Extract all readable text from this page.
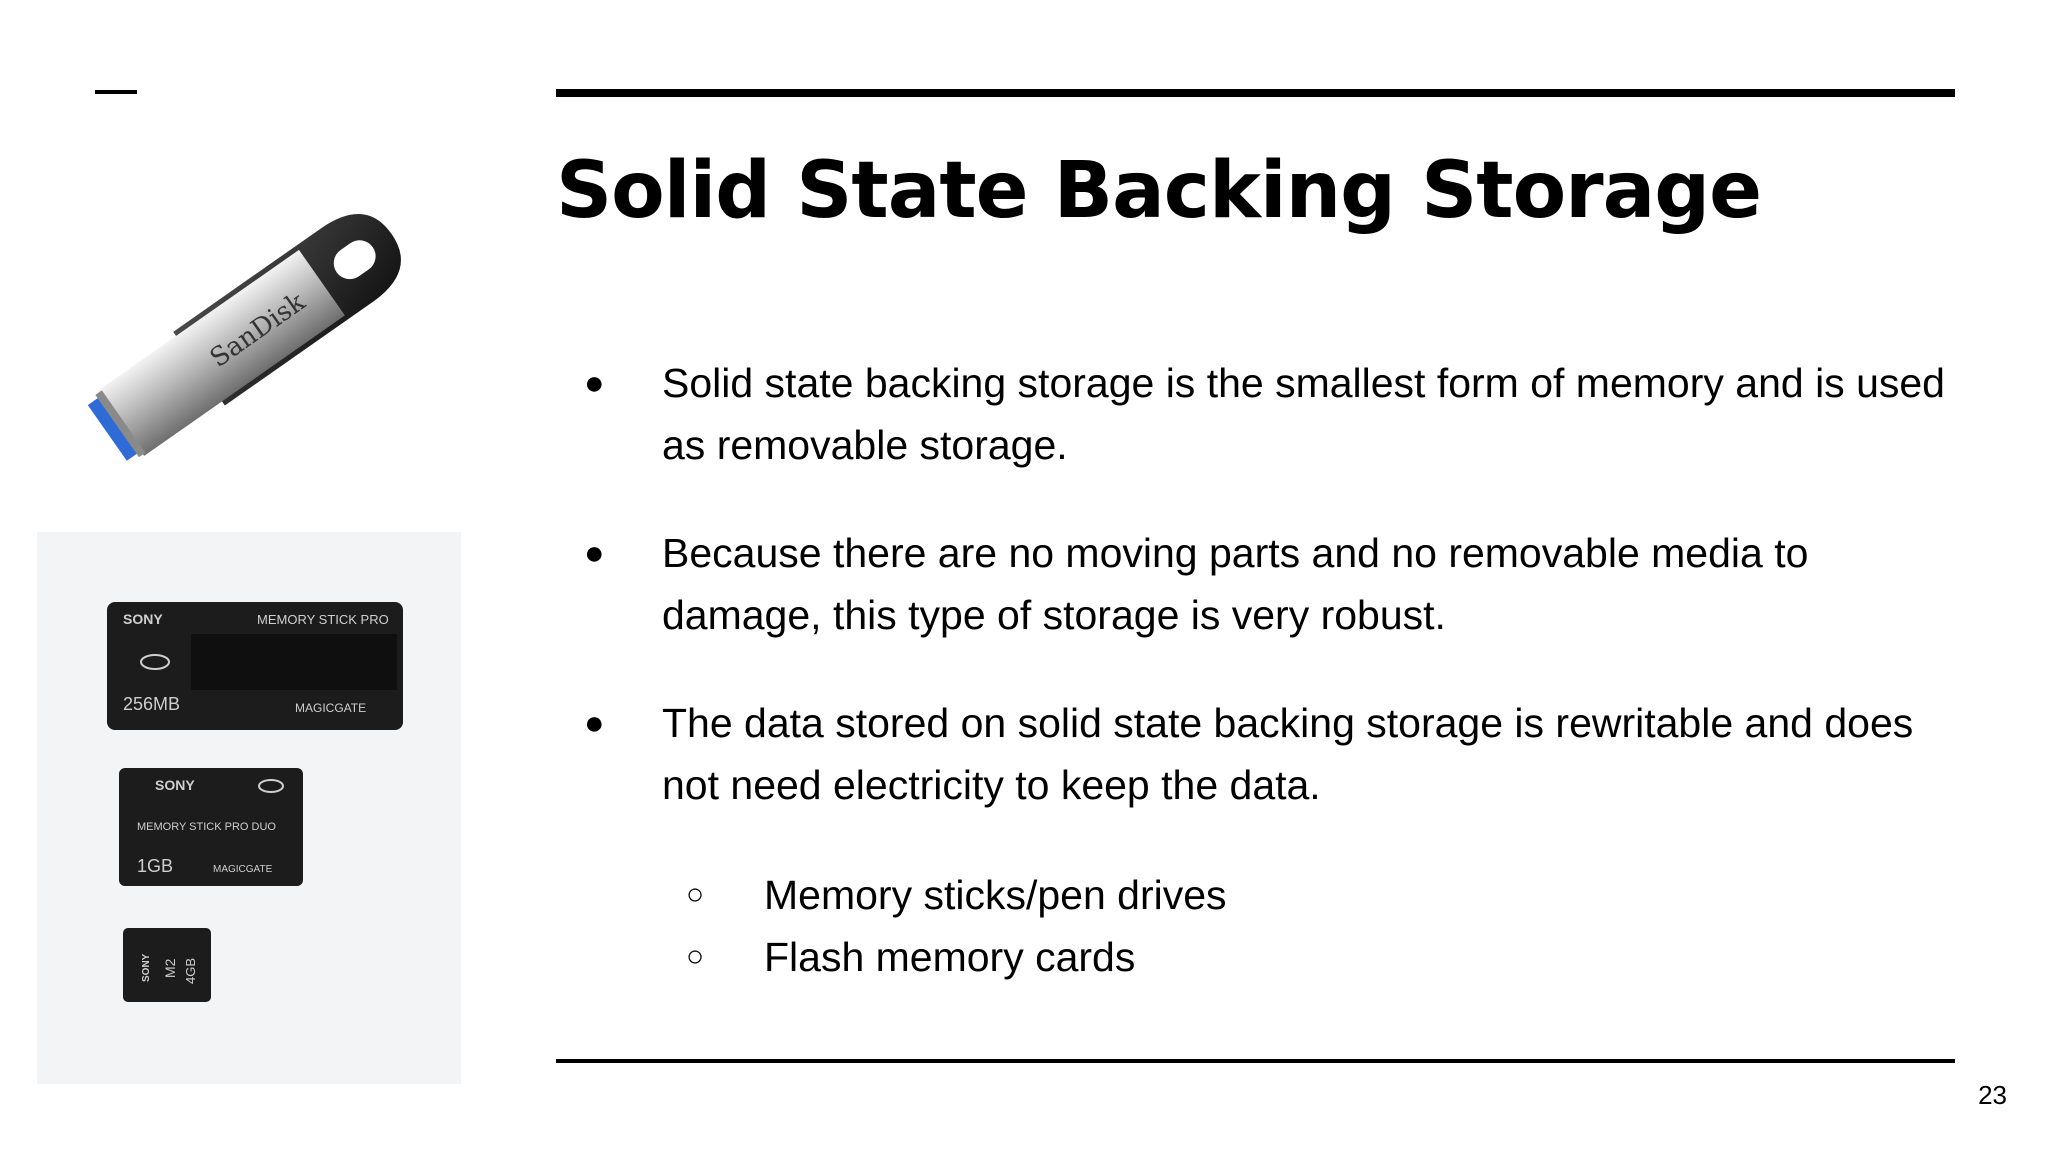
Solid State Backing Storage
SanDisk
SONY	MEMORY STICK PRO
256MB	MAGICGATE
SONY
MEMORY STICK PRO DUO
1GB	MAGICGATE
SONY M2 4GB
● Solid state backing storage is the smallest form of memory and is used as removable storage.
● Because there are no moving parts and no removable media to damage, this type of storage is very robust.
● The data stored on solid state backing storage is rewritable and does not need electricity to keep the data.
○ Memory sticks/pen drives
○ Flash memory cards
23
